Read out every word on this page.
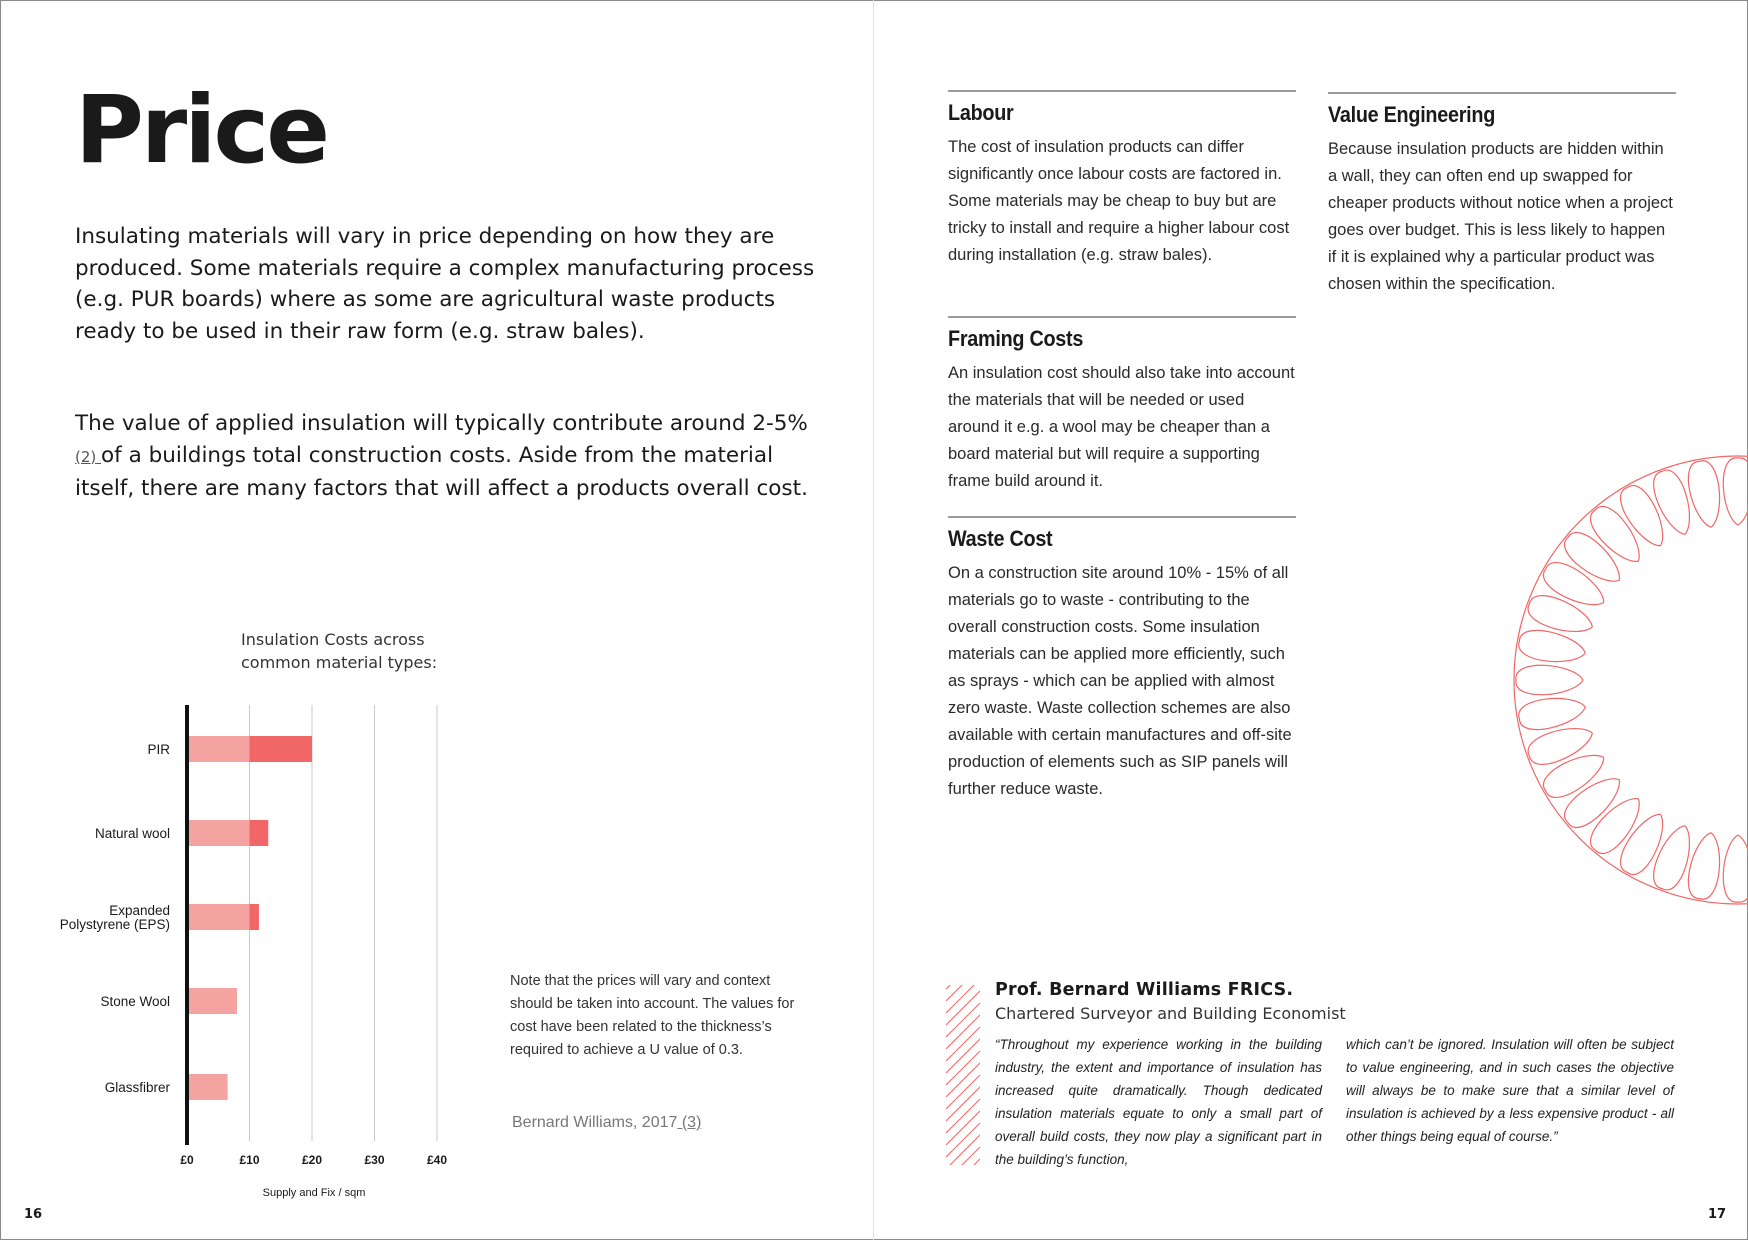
Price
Insulating materials will vary in price depending on how they are produced. Some materials require a complex manufacturing process (e.g. PUR boards) where as some are agricultural waste products ready to be used in their raw form (e.g. straw bales).
The value of applied insulation will typically contribute around 2-5% (2) of a buildings total construction costs. Aside from the material itself, there are many factors that will affect a products overall cost.
Insulation Costs across common material types:
PIR
Natural wool
Expanded Polystyrene (EPS)
Stone Wool
Glassfibrer
£0	£10	£20	£30	£40
Supply and Fix / sqm
Note that the prices will vary and context should be taken into account. The values for cost have been related to the thickness’s required to achieve a U value of 0.3.
Bernard Williams, 2017 (3)
16
Labour

The cost of insulation products can differ significantly once labour costs are factored in. Some materials may be cheap to buy but are tricky to install and require a higher labour cost during installation (e.g. straw bales).

Framing Costs

An insulation cost should also take into account the materials that will be needed or used around it e.g. a wool may be cheaper than a board material but will require a supporting frame build around it.

Waste Cost

On a construction site around 10% - 15% of all materials go to waste - contributing to the overall construction costs. Some insulation materials can be applied more efficiently, such as sprays - which can be applied with almost zero waste. Waste collection schemes are also available with certain manufactures and off-site production of elements such as SIP panels will further reduce waste.

Value Engineering

Because insulation products are hidden within a wall, they can often end up swapped for cheaper products without notice when a project goes over budget. This is less likely to happen if it is explained why a particular product was chosen within the specification.

Prof. Bernard Williams FRICS.
Chartered Surveyor and Building Economist
“Throughout my experience working in the building industry, the extent and importance of insulation has increased quite dramatically. Though dedicated insulation materials equate to only a small part of overall build costs, they now play a significant part in the building’s function,
which can’t be ignored. Insulation will often be subject to value engineering, and in such cases the objective will always be to make sure that a similar level of insulation is achieved by a less expensive product - all other things being equal of course.”
17
